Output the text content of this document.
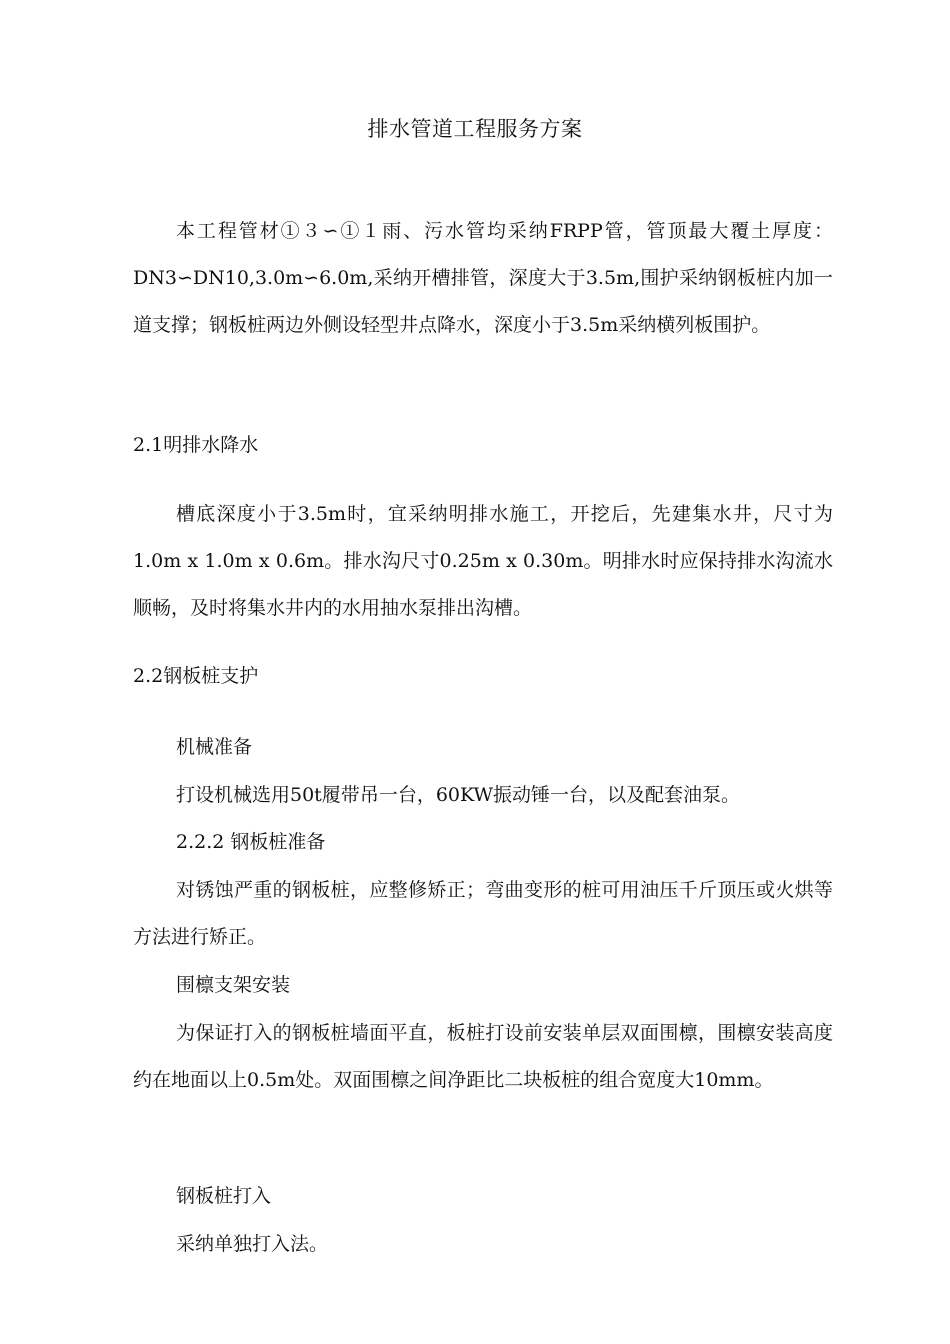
排水管道工程服务方案

本工程管材①３∽①１雨、污水管均采纳FRPP管，管顶最大覆土厚度：DN3∽DN10,3.0m∽6.0m,采纳开槽排管，深度大于3.5m,围护采纳钢板桩内加一道支撑；钢板桩两边外侧设轻型井点降水，深度小于3.5m采纳横列板围护。

2.1明排水降水

槽底深度小于3.5m时，宜采纳明排水施工，开挖后，先建集水井，尺寸为1.0m x 1.0m x 0.6m。排水沟尺寸0.25m x 0.30m。明排水时应保持排水沟流水顺畅，及时将集水井内的水用抽水泵排出沟槽。

2.2钢板桩支护

机械准备

打设机械选用50t履带吊一台，60KW振动锤一台，以及配套油泵。

2.2.2 钢板桩准备

对锈蚀严重的钢板桩，应整修矫正；弯曲变形的桩可用油压千斤顶压或火烘等方法进行矫正。

围檩支架安装

为保证打入的钢板桩墙面平直，板桩打设前安装单层双面围檩，围檩安装高度约在地面以上0.5m处。双面围檩之间净距比二块板桩的组合宽度大10mm。

钢板桩打入

采纳单独打入法。
